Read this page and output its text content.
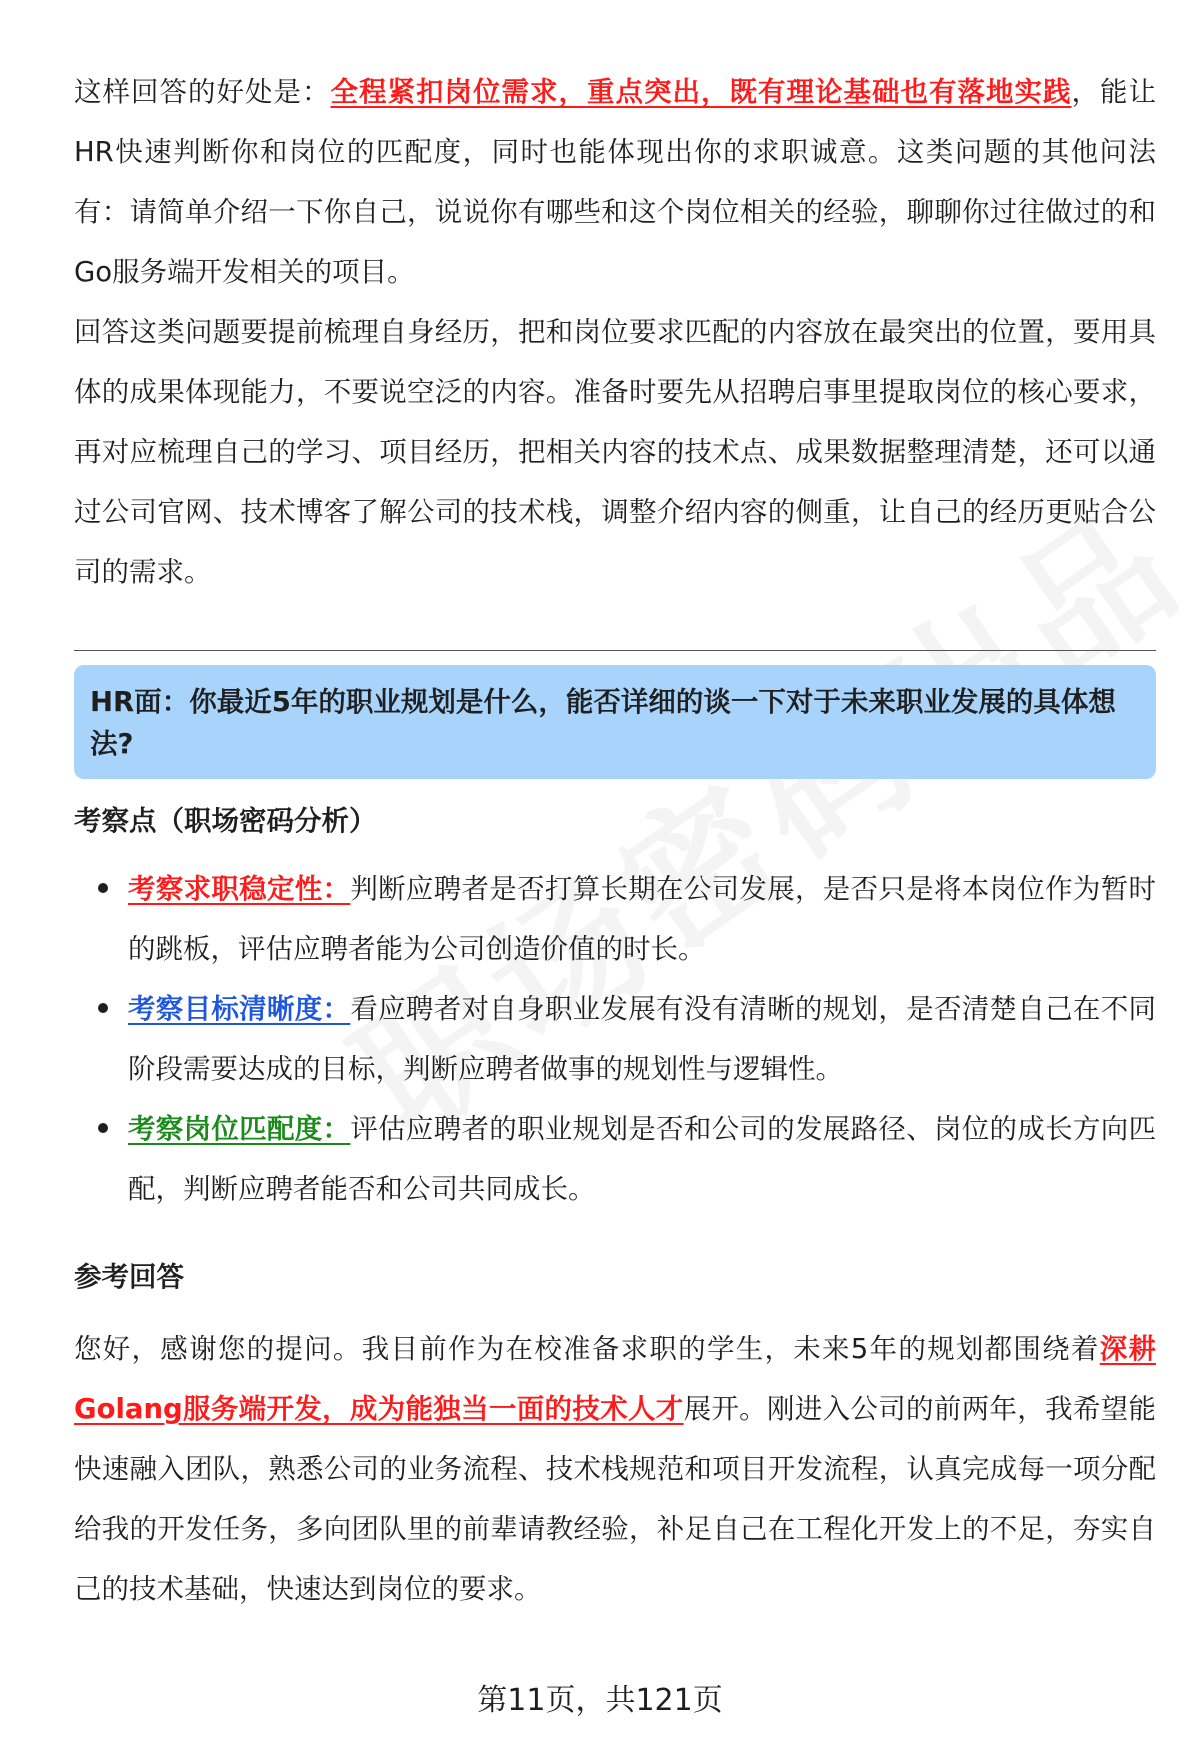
这样回答的好处是：全程紧扣岗位需求，重点突出，既有理论基础也有落地实践，能让HR快速判断你和岗位的匹配度，同时也能体现出你的求职诚意。这类问题的其他问法有：请简单介绍一下你自己，说说你有哪些和这个岗位相关的经验，聊聊你过往做过的和Go服务端开发相关的项目。

回答这类问题要提前梳理自身经历，把和岗位要求匹配的内容放在最突出的位置，要用具体的成果体现能力，不要说空泛的内容。准备时要先从招聘启事里提取岗位的核心要求，再对应梳理自己的学习、项目经历，把相关内容的技术点、成果数据整理清楚，还可以通过公司官网、技术博客了解公司的技术栈，调整介绍内容的侧重，让自己的经历更贴合公司的需求。

HR面：你最近5年的职业规划是什么，能否详细的谈一下对于未来职业发展的具体想法?
考察点（职场密码分析）
考察求职稳定性：判断应聘者是否打算长期在公司发展，是否只是将本岗位作为暂时的跳板，评估应聘者能为公司创造价值的时长。
考察目标清晰度：看应聘者对自身职业发展有没有清晰的规划，是否清楚自己在不同阶段需要达成的目标，判断应聘者做事的规划性与逻辑性。
考察岗位匹配度：评估应聘者的职业规划是否和公司的发展路径、岗位的成长方向匹配，判断应聘者能否和公司共同成长。
参考回答

您好，感谢您的提问。我目前作为在校准备求职的学生，未来5年的规划都围绕着深耕Golang服务端开发，成为能独当一面的技术人才展开。刚进入公司的前两年，我希望能快速融入团队，熟悉公司的业务流程、技术栈规范和项目开发流程，认真完成每一项分配给我的开发任务，多向团队里的前辈请教经验，补足自己在工程化开发上的不足，夯实自己的技术基础，快速达到岗位的要求。

第11页，共121页
